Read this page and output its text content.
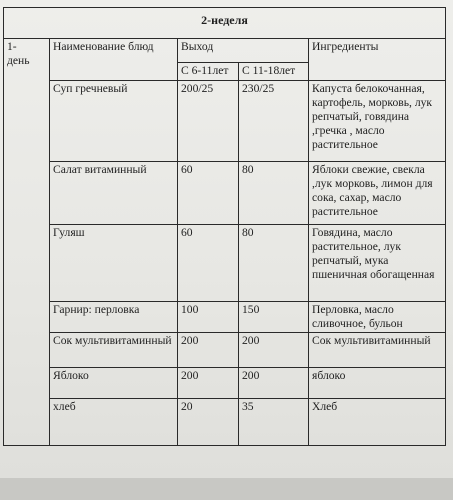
2-неделя				
1-
день	Наименование блюд	Выход		Ингредиенты
		С 6-11лет	С 11-18лет	
	Суп гречневый	200/25	230/25	Капуста белокочанная, картофель, морковь, лук репчатый, говядина ,гречка , масло растительное
	Салат витаминный	60	80	Яблоки свежие, свекла ,лук морковь, лимон для сока, сахар, масло растительное
	Гуляш	60	80	Говядина, масло растительное, лук репчатый, мука пшеничная обогащенная
	Гарнир: перловка	100	150	Перловка, масло сливочное, бульон
	Сок мультивитаминный	200	200	Сок мультивитаминный
	Яблоко	200	200	яблоко
	хлеб	20	35	Хлеб
